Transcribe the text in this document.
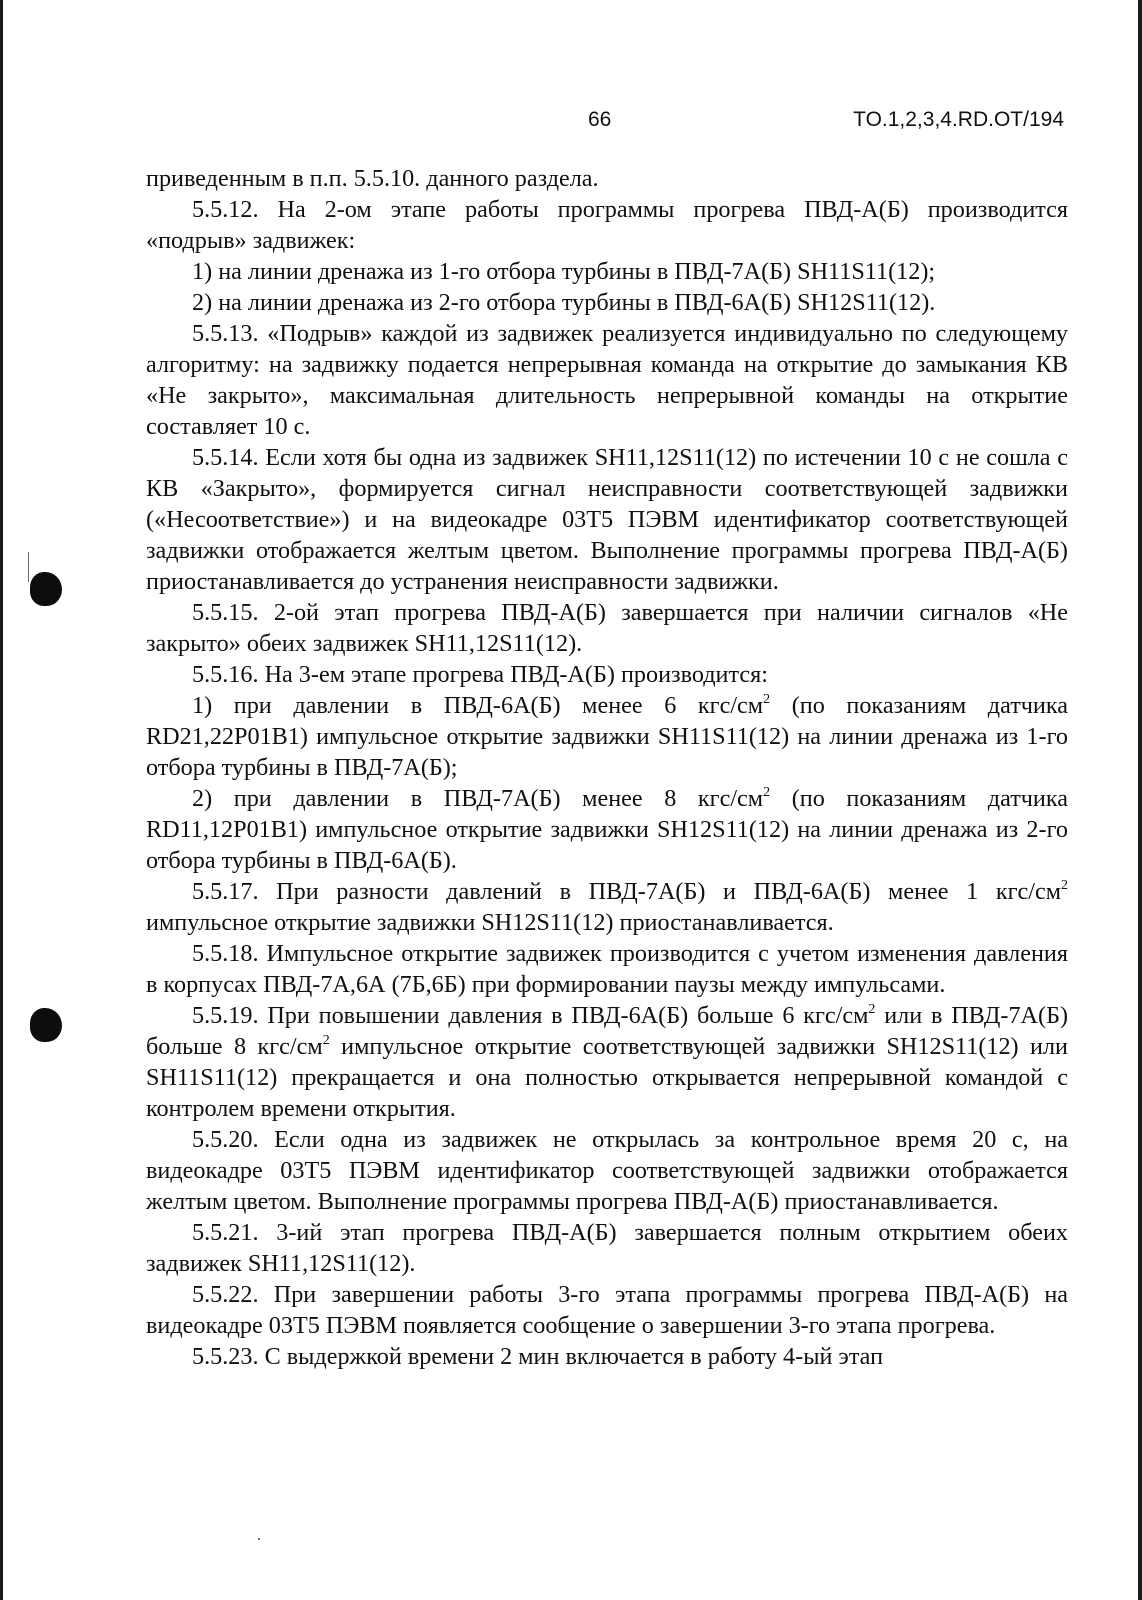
66	TO.1,2,3,4.RD.OT/194

приведенным в п.п. 5.5.10. данного раздела.

5.5.12. На 2-ом этапе работы программы прогрева ПВД-А(Б) производится «подрыв» задвижек:

1) на линии дренажа из 1-го отбора турбины в ПВД-7А(Б) SH11S11(12);

2) на линии дренажа из 2-го отбора турбины в ПВД-6А(Б) SH12S11(12).

5.5.13. «Подрыв» каждой из задвижек реализуется индивидуально по следующему алгоритму: на задвижку подается непрерывная команда на открытие до замыкания КВ «Не закрыто», максимальная длительность непрерывной команды на открытие составляет 10 с.

5.5.14. Если хотя бы одна из задвижек SH11,12S11(12) по истечении 10 с не сошла с КВ «Закрыто», формируется сигнал неисправности соответствующей задвижки («Несоответствие») и на видеокадре 03Т5 ПЭВМ идентификатор соответствующей задвижки отображается желтым цветом. Выполнение программы прогрева ПВД-А(Б) приостанавливается до устранения неисправности задвижки.

5.5.15. 2-ой этап прогрева ПВД-А(Б) завершается при наличии сигналов «Не закрыто» обеих задвижек SH11,12S11(12).

5.5.16. На 3-ем этапе прогрева ПВД-А(Б) производится:

1) при давлении в ПВД-6А(Б) менее 6 кгс/$см^2$ (по показаниям датчика RD21,22P01B1) импульсное открытие задвижки SH11S11(12) на линии дренажа из 1-го отбора турбины в ПВД-7А(Б);

2) при давлении в ПВД-7А(Б) менее 8 кгс/$см^2$ (по показаниям датчика RD11,12P01B1) импульсное открытие задвижки SH12S11(12) на линии дренажа из 2-го отбора турбины в ПВД-6А(Б).

5.5.17. При разности давлений в ПВД-7А(Б) и ПВД-6А(Б) менее 1 кгс/$см^2$ импульсное открытие задвижки SH12S11(12) приостанавливается.

5.5.18. Импульсное открытие задвижек производится с учетом изменения давления в корпусах ПВД-7А,6А (7Б,6Б) при формировании паузы между импульсами.

5.5.19. При повышении давления в ПВД-6А(Б) больше 6 кгс/$см^2$ или в ПВД-7А(Б) больше 8 кгс/$см^2$ импульсное открытие соответствующей задвижки SH12S11(12) или SH11S11(12) прекращается и она полностью открывается непрерывной командой с контролем времени открытия.

5.5.20. Если одна из задвижек не открылась за контрольное время 20 с, на видеокадре 03Т5 ПЭВМ идентификатор соответствующей задвижки отображается желтым цветом. Выполнение программы прогрева ПВД-А(Б) приостанавливается.

5.5.21. 3-ий этап прогрева ПВД-А(Б) завершается полным открытием обеих задвижек SH11,12S11(12).

5.5.22. При завершении работы 3-го этапа программы прогрева ПВД-А(Б) на видеокадре 03Т5 ПЭВМ появляется сообщение о завершении 3-го этапа прогрева.

5.5.23. С выдержкой времени 2 мин включается в работу 4-ый этап
